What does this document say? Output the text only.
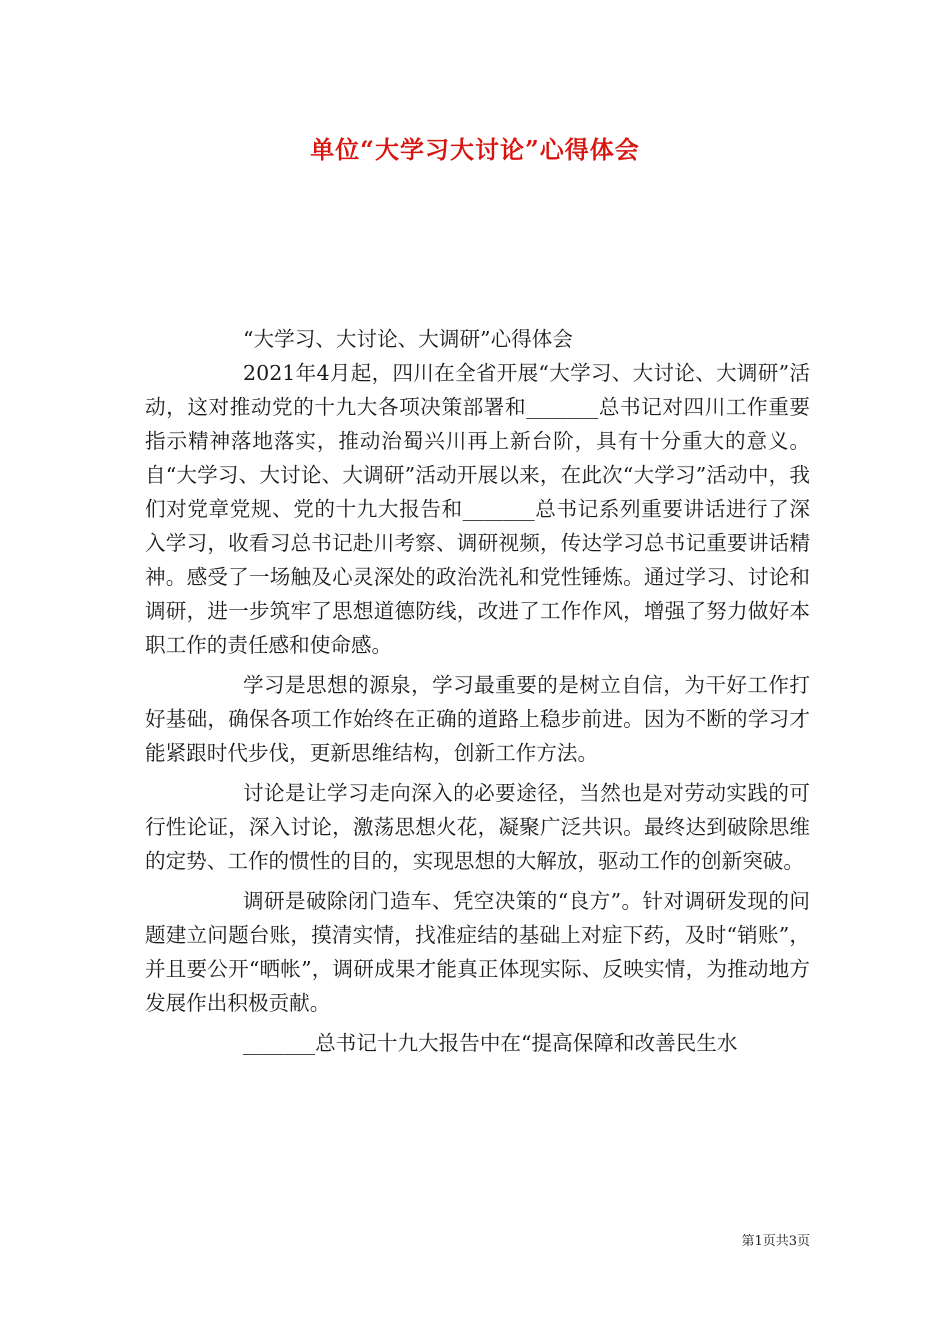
单位“大学习大讨论”心得体会

“大学习、大讨论、大调研”心得体会

2021年4月起，四川在全省开展“大学习、大讨论、大调研”活动，这对推动党的十九大各项决策部署和_______总书记对四川工作重要指示精神落地落实，推动治蜀兴川再上新台阶，具有十分重大的意义。自“大学习、大讨论、大调研”活动开展以来，在此次“大学习”活动中，我们对党章党规、党的十九大报告和_______总书记系列重要讲话进行了深入学习，收看习总书记赴川考察、调研视频，传达学习总书记重要讲话精神。感受了一场触及心灵深处的政治洗礼和党性锤炼。通过学习、讨论和调研，进一步筑牢了思想道德防线，改进了工作作风，增强了努力做好本职工作的责任感和使命感。

学习是思想的源泉，学习最重要的是树立自信，为干好工作打好基础，确保各项工作始终在正确的道路上稳步前进。因为不断的学习才能紧跟时代步伐，更新思维结构，创新工作方法。

讨论是让学习走向深入的必要途径，当然也是对劳动实践的可行性论证，深入讨论，激荡思想火花，凝聚广泛共识。最终达到破除思维的定势、工作的惯性的目的，实现思想的大解放，驱动工作的创新突破。

调研是破除闭门造车、凭空决策的“良方”。针对调研发现的问题建立问题台账，摸清实情，找准症结的基础上对症下药，及时“销账”，并且要公开“晒帐”，调研成果才能真正体现实际、反映实情，为推动地方发展作出积极贡献。

_______总书记十九大报告中在“提高保障和改善民生水

第1页共3页
